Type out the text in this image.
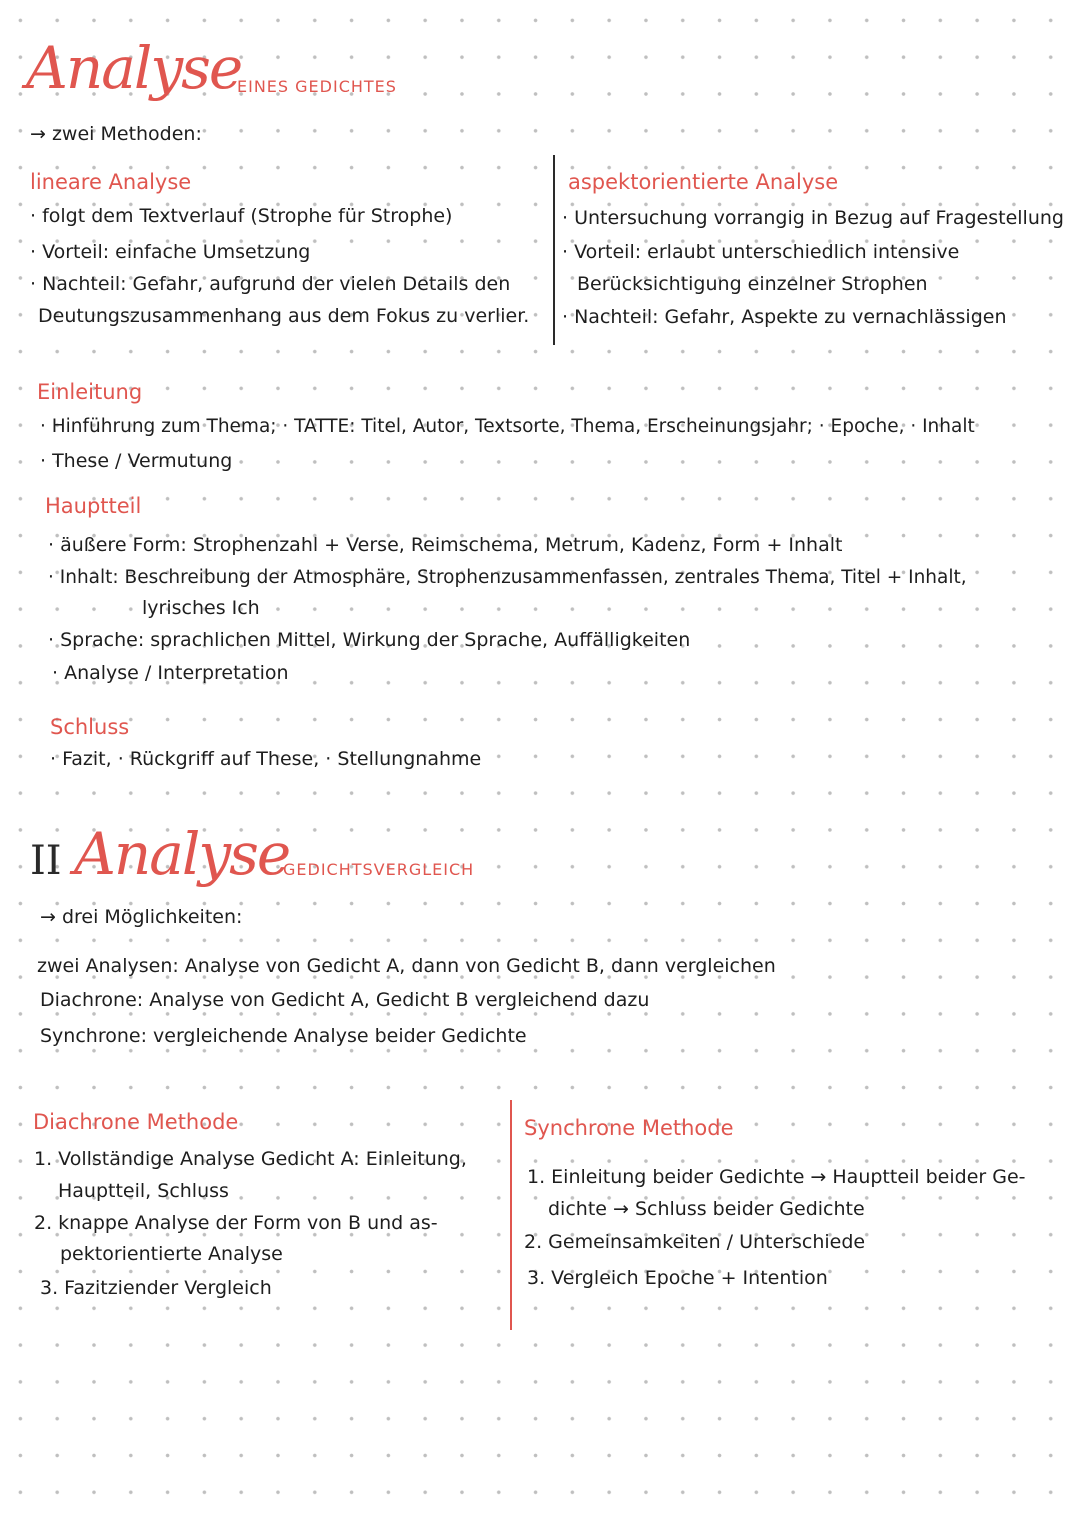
Analyse
EINES GEDICHTES
→ zwei Methoden:
lineare Analyse
· folgt dem Textverlauf (Strophe für Strophe)
· Vorteil: einfache Umsetzung
· Nachteil: Gefahr, aufgrund der vielen Details den
Deutungszusammenhang aus dem Fokus zu verlier.
aspektorientierte Analyse
· Untersuchung vorrangig in Bezug auf Fragestellung
· Vorteil: erlaubt unterschiedlich intensive
Berücksichtigung einzelner Strophen
· Nachteil: Gefahr, Aspekte zu vernachlässigen
Einleitung
· Hinführung zum Thema; · TATTE: Titel, Autor, Textsorte, Thema, Erscheinungsjahr; · Epoche, · Inhalt
· These / Vermutung
Hauptteil
· äußere Form: Strophenzahl + Verse, Reimschema, Metrum, Kadenz, Form + Inhalt
· Inhalt: Beschreibung der Atmosphäre, Strophenzusammenfassen, zentrales Thema, Titel + Inhalt,
lyrisches Ich
· Sprache: sprachlichen Mittel, Wirkung der Sprache, Auffälligkeiten
· Analyse / Interpretation
Schluss
· Fazit, · Rückgriff auf These, · Stellungnahme
II Analyse
GEDICHTSVERGLEICH
→ drei Möglichkeiten:
zwei Analysen: Analyse von Gedicht A, dann von Gedicht B, dann vergleichen
Diachrone: Analyse von Gedicht A, Gedicht B vergleichend dazu
Synchrone: vergleichende Analyse beider Gedichte
Diachrone Methode
1. Vollständige Analyse Gedicht A: Einleitung,
Hauptteil, Schluss
2. knappe Analyse der Form von B und as-
pektorientierte Analyse
3. Fazitziender Vergleich
Synchrone Methode
1. Einleitung beider Gedichte → Hauptteil beider Ge-
dichte → Schluss beider Gedichte
2. Gemeinsamkeiten / Unterschiede
3. Vergleich Epoche + Intention
